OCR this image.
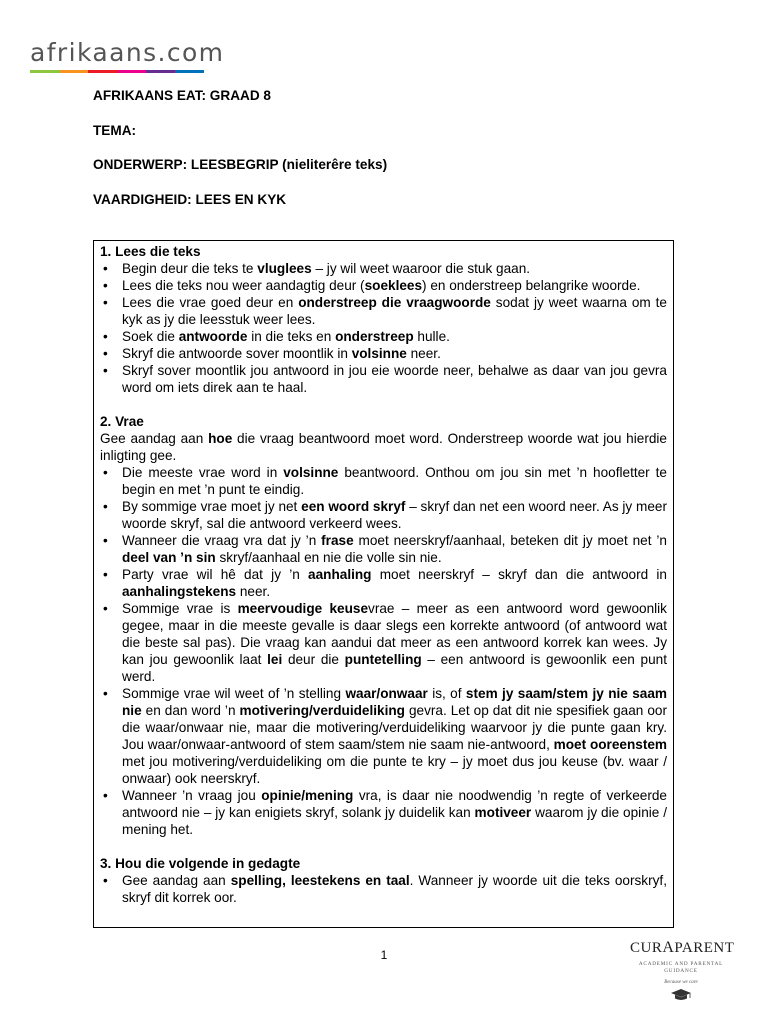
afrikaans.com
AFRIKAANS EAT: GRAAD 8
TEMA:
ONDERWERP: LEESBEGRIP (nieliterêre teks)
VAARDIGHEID: LEES EN KYK
1. Lees die teks
• Begin deur die teks te vluglees – jy wil weet waaroor die stuk gaan.
• Lees die teks nou weer aandagtig deur (soeklees) en onderstreep belangrike woorde.
• Lees die vrae goed deur en onderstreep die vraagwoorde sodat jy weet waarna om te kyk as jy die leesstuk weer lees.
• Soek die antwoorde in die teks en onderstreep hulle.
• Skryf die antwoorde sover moontlik in volsinne neer.
• Skryf sover moontlik jou antwoord in jou eie woorde neer, behalwe as daar van jou gevra word om iets direk aan te haal.
2. Vrae
Gee aandag aan hoe die vraag beantwoord moet word. Onderstreep woorde wat jou hierdie inligting gee.
• Die meeste vrae word in volsinne beantwoord. Onthou om jou sin met ’n hoofletter te begin en met ’n punt te eindig.
• By sommige vrae moet jy net een woord skryf – skryf dan net een woord neer. As jy meer woorde skryf, sal die antwoord verkeerd wees.
• Wanneer die vraag vra dat jy ’n frase moet neerskryf/aanhaal, beteken dit jy moet net ’n deel van ’n sin skryf/aanhaal en nie die volle sin nie.
• Party vrae wil hê dat jy ’n aanhaling moet neerskryf – skryf dan die antwoord in aanhalingstekens neer.
• Sommige vrae is meervoudige keusevrae – meer as een antwoord word gewoonlik gegee, maar in die meeste gevalle is daar slegs een korrekte antwoord (of antwoord wat die beste sal pas). Die vraag kan aandui dat meer as een antwoord korrek kan wees. Jy kan jou gewoonlik laat lei deur die puntetelling – een antwoord is gewoonlik een punt werd.
• Sommige vrae wil weet of ’n stelling waar/onwaar is, of stem jy saam/stem jy nie saam nie en dan word ’n motivering/verduideliking gevra. Let op dat dit nie spesifiek gaan oor die waar/onwaar nie, maar die motivering/verduideliking waarvoor jy die punte gaan kry. Jou waar/onwaar-antwoord of stem saam/stem nie saam nie-antwoord, moet ooreenstem met jou motivering/verduideliking om die punte te kry – jy moet dus jou keuse (bv. waar / onwaar) ook neerskryf.
• Wanneer ’n vraag jou opinie/mening vra, is daar nie noodwendig ’n regte of verkeerde antwoord nie – jy kan enigiets skryf, solank jy duidelik kan motiveer waarom jy die opinie / mening het.
3. Hou die volgende in gedagte
• Gee aandag aan spelling, leestekens en taal. Wanneer jy woorde uit die teks oorskryf, skryf dit korrek oor.
1	CURAPARENT
ACADEMIC AND PARENTAL GUIDANCE
Because we care
